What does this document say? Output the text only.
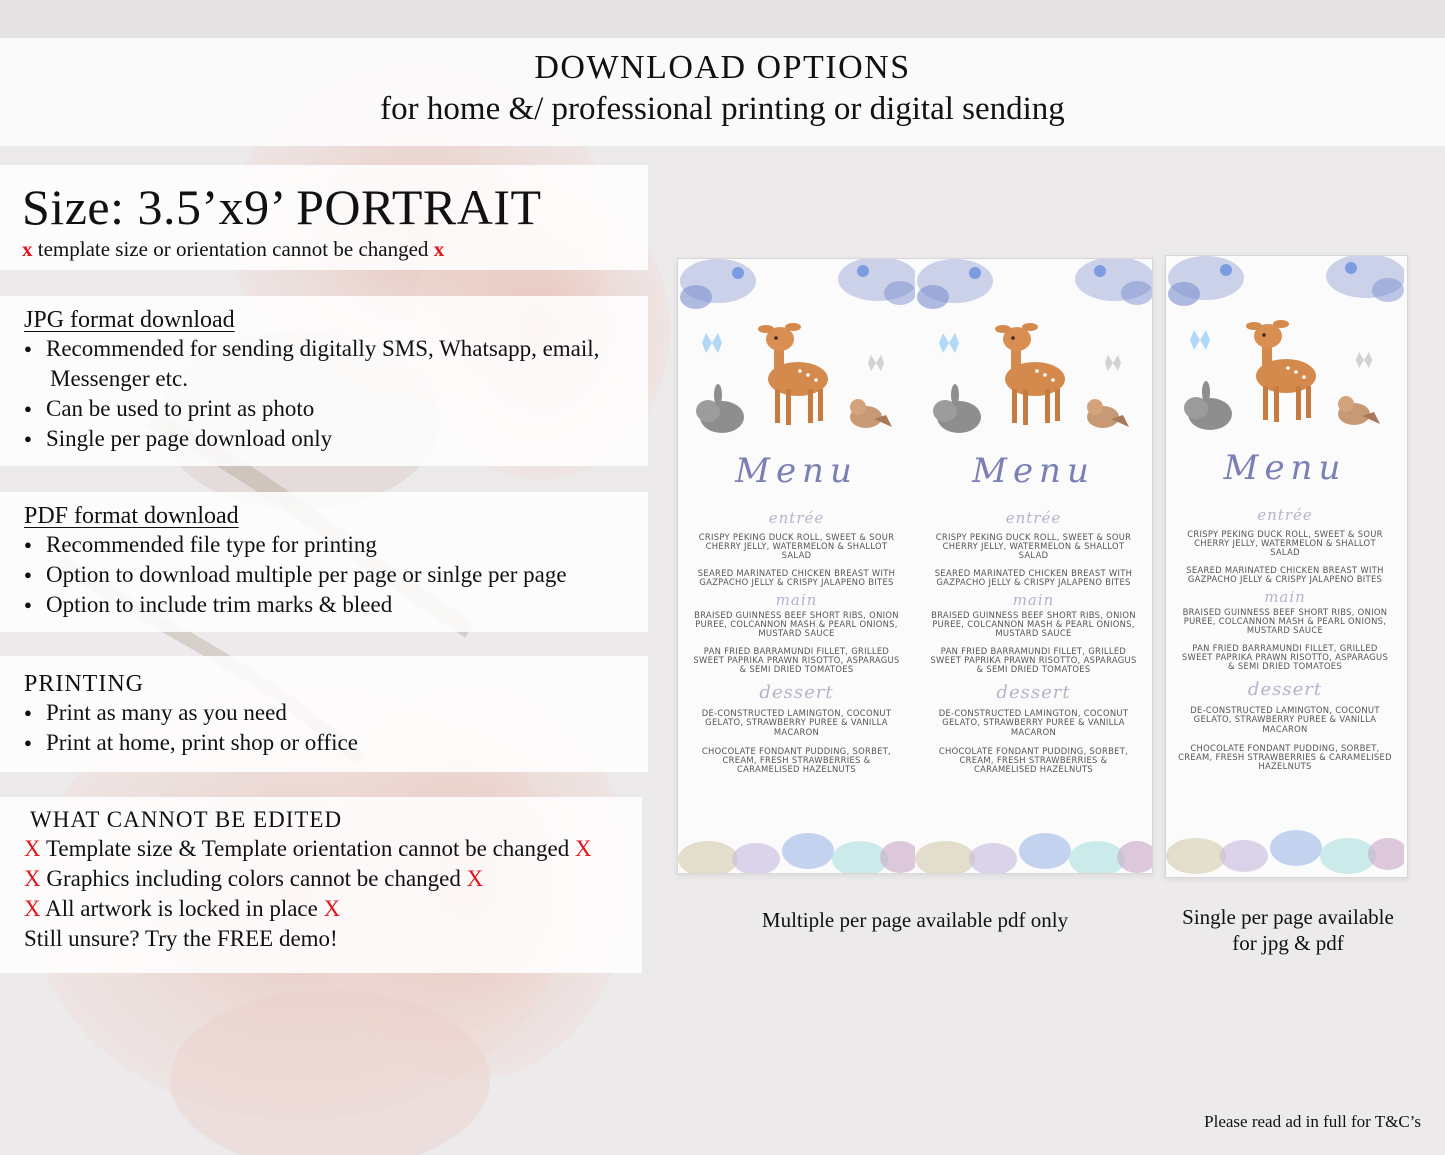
DOWNLOAD OPTIONS
for home &/ professional printing or digital sending
Size: 3.5’x9’ PORTRAIT
x template size or orientation cannot be changed x
JPG format download
● Recommended for sending digitally SMS, Whatsapp, email,
Messenger etc.
● Can be used to print as photo
● Single per page download only
PDF format download
● Recommended file type for printing
● Option to download multiple per page or sinlge per page
● Option to include trim marks & bleed
PRINTING
● Print as many as you need
● Print at home, print shop or office
WHAT CANNOT BE EDITED
X Template size & Template orientation cannot be changed X
X Graphics including colors cannot be changed X
X All artwork is locked in place X
Still unsure? Try the FREE demo!
Menu
entrée
CRISPY PEKING DUCK ROLL, SWEET & SOUR CHERRY JELLY, WATERMELON & SHALLOT SALAD
SEARED MARINATED CHICKEN BREAST WITH GAZPACHO JELLY & CRISPY JALAPENO BITES
main
BRAISED GUINNESS BEEF SHORT RIBS, ONION PUREE, COLCANNON MASH & PEARL ONIONS, MUSTARD SAUCE
PAN FRIED BARRAMUNDI FILLET, GRILLED SWEET PAPRIKA PRAWN RISOTTO, ASPARAGUS & SEMI DRIED TOMATOES
dessert
DE-CONSTRUCTED LAMINGTON, COCONUT GELATO, STRAWBERRY PUREE & VANILLA MACARON
CHOCOLATE FONDANT PUDDING, SORBET, CREAM, FRESH STRAWBERRIES & CARAMELISED HAZELNUTS
Menu
entrée
CRISPY PEKING DUCK ROLL, SWEET & SOUR CHERRY JELLY, WATERMELON & SHALLOT SALAD
SEARED MARINATED CHICKEN BREAST WITH GAZPACHO JELLY & CRISPY JALAPENO BITES
main
BRAISED GUINNESS BEEF SHORT RIBS, ONION PUREE, COLCANNON MASH & PEARL ONIONS, MUSTARD SAUCE
PAN FRIED BARRAMUNDI FILLET, GRILLED SWEET PAPRIKA PRAWN RISOTTO, ASPARAGUS & SEMI DRIED TOMATOES
dessert
DE-CONSTRUCTED LAMINGTON, COCONUT GELATO, STRAWBERRY PUREE & VANILLA MACARON
CHOCOLATE FONDANT PUDDING, SORBET, CREAM, FRESH STRAWBERRIES & CARAMELISED HAZELNUTS
Menu
entrée
CRISPY PEKING DUCK ROLL, SWEET & SOUR CHERRY JELLY, WATERMELON & SHALLOT SALAD
SEARED MARINATED CHICKEN BREAST WITH GAZPACHO JELLY & CRISPY JALAPENO BITES
main
BRAISED GUINNESS BEEF SHORT RIBS, ONION PUREE, COLCANNON MASH & PEARL ONIONS, MUSTARD SAUCE
PAN FRIED BARRAMUNDI FILLET, GRILLED SWEET PAPRIKA PRAWN RISOTTO, ASPARAGUS & SEMI DRIED TOMATOES
dessert
DE-CONSTRUCTED LAMINGTON, COCONUT GELATO, STRAWBERRY PUREE & VANILLA MACARON
CHOCOLATE FONDANT PUDDING, SORBET, CREAM, FRESH STRAWBERRIES & CARAMELISED HAZELNUTS
Multiple per page available pdf only	Single per page available
for jpg & pdf
Please read ad in full for T&C’s
